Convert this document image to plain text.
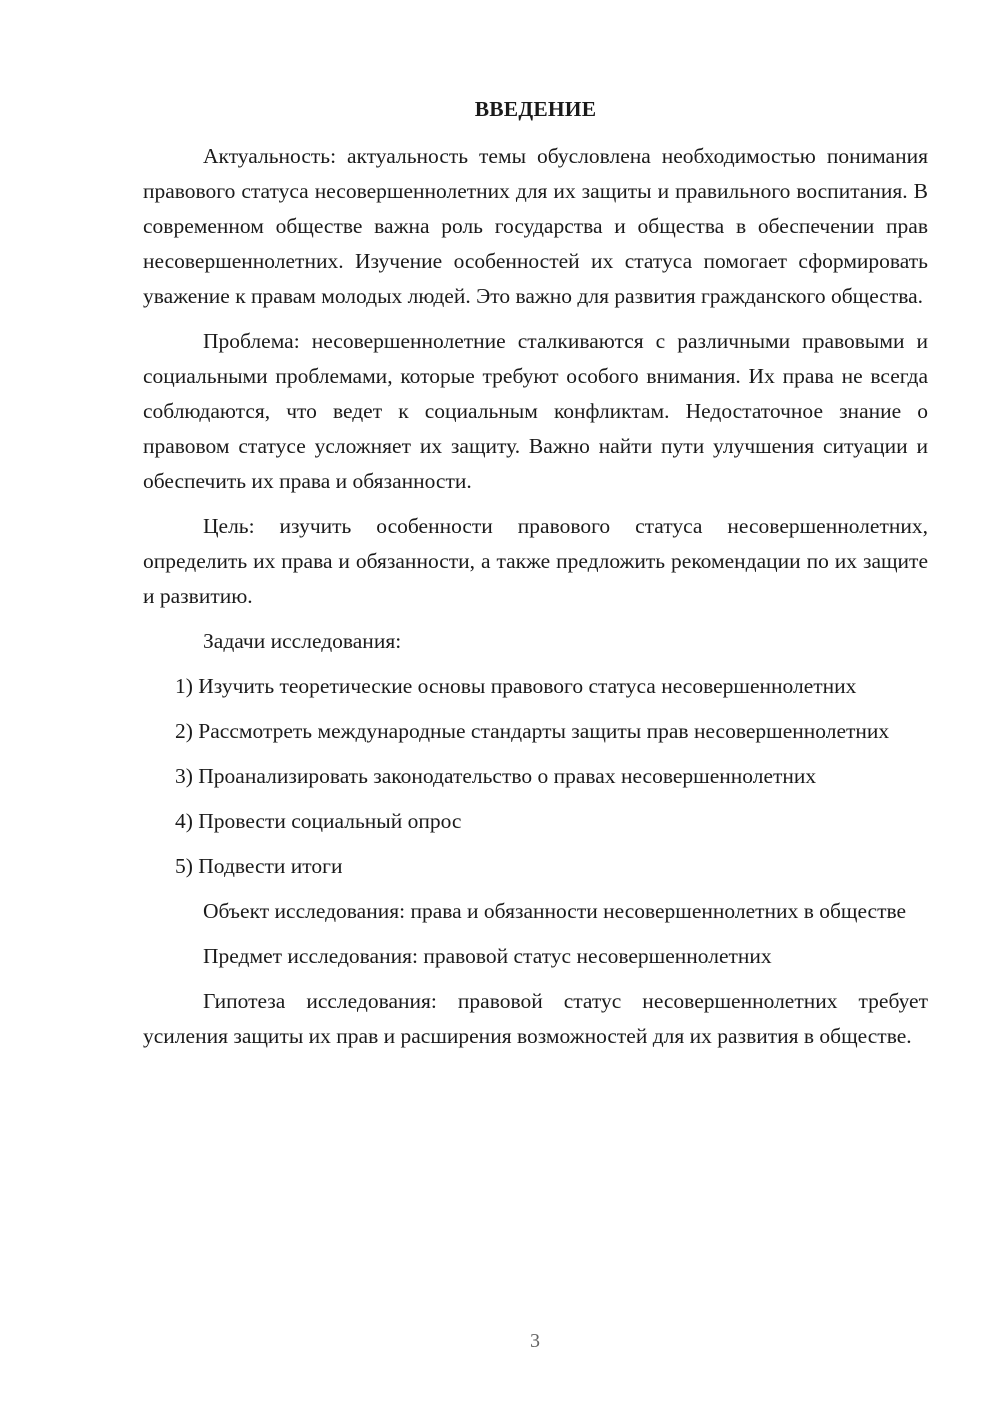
ВВЕДЕНИЕ

Актуальность: актуальность темы обусловлена необходимостью понимания правового статуса несовершеннолетних для их защиты и правильного воспитания. В современном обществе важна роль государства и общества в обеспечении прав несовершеннолетних. Изучение особенностей их статуса помогает сформировать уважение к правам молодых людей. Это важно для развития гражданского общества.

Проблема: несовершеннолетние сталкиваются с различными правовыми и социальными проблемами, которые требуют особого внимания. Их права не всегда соблюдаются, что ведет к социальным конфликтам. Недостаточное знание о правовом статусе усложняет их защиту. Важно найти пути улучшения ситуации и обеспечить их права и обязанности.

Цель: изучить особенности правового статуса несовершеннолетних, определить их права и обязанности, а также предложить рекомендации по их защите и развитию.

Задачи исследования:

1) Изучить теоретические основы правового статуса несовершеннолетних

2) Рассмотреть международные стандарты защиты прав несовершеннолетних

3) Проанализировать законодательство о правах несовершеннолетних

4) Провести социальный опрос

5) Подвести итоги

Объект исследования: права и обязанности несовершеннолетних в обществе

Предмет исследования: правовой статус несовершеннолетних

Гипотеза исследования: правовой статус несовершеннолетних требует усиления защиты их прав и расширения возможностей для их развития в обществе.

3
